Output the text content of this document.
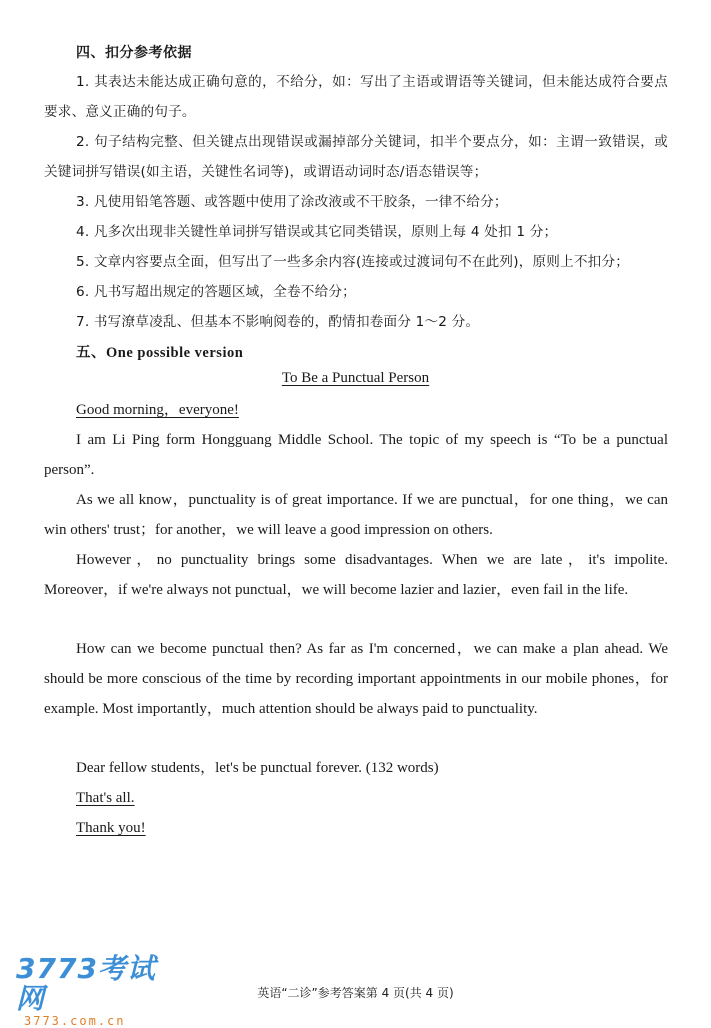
四、扣分参考依据
1. 其表达未能达成正确句意的，不给分，如：写出了主语或谓语等关键词，但未能达成符合要点要求、意义正确的句子。
2. 句子结构完整、但关键点出现错误或漏掉部分关键词，扣半个要点分，如：主谓一致错误，或关键词拼写错误(如主语，关键性名词等)，或谓语动词时态/语态错误等；
3. 凡使用铅笔答题、或答题中使用了涂改液或不干胶条，一律不给分；
4. 凡多次出现非关键性单词拼写错误或其它同类错误，原则上每 4 处扣 1 分；
5. 文章内容要点全面，但写出了一些多余内容(连接或过渡词句不在此列)，原则上不扣分；
6. 凡书写超出规定的答题区域，全卷不给分；
7. 书写潦草凌乱、但基本不影响阅卷的，酌情扣卷面分 1～2 分。
五、One possible version
To Be a Punctual Person
Good morning，everyone!
I am Li Ping form Hongguang Middle School. The topic of my speech is “To be a punctual person”.
As we all know，punctuality is of great importance. If we are punctual，for one thing，we can win others' trust；for another，we will leave a good impression on others.
However，no punctuality brings some disadvantages. When we are late，it's impolite. Moreover，if we're always not punctual，we will become lazier and lazier，even fail in the life.
How can we become punctual then? As far as I'm concerned，we can make a plan ahead. We should be more conscious of the time by recording important appointments in our mobile phones，for example. Most importantly，much attention should be always paid to punctuality.
Dear fellow students，let's be punctual forever. (132 words)
That's all.
Thank you!
3773考试网
3773.com.cn
英语“二诊”参考答案第 4 页(共 4 页)
